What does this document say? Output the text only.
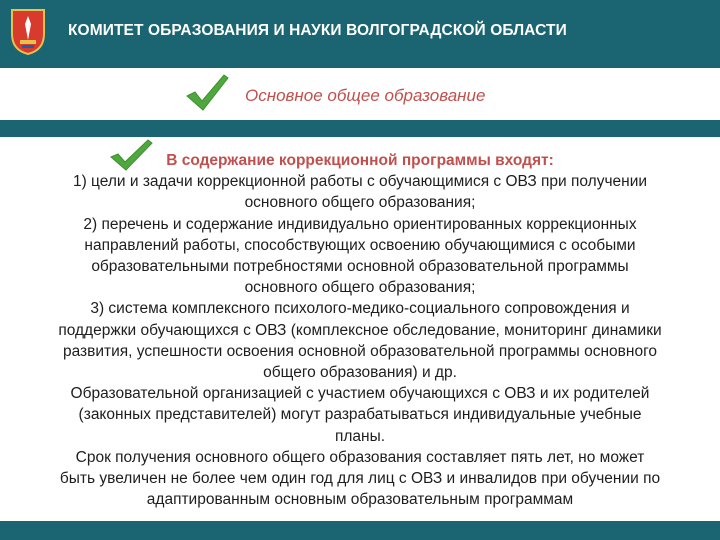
КОМИТЕТ ОБРАЗОВАНИЯ И НАУКИ ВОЛГОГРАДСКОЙ ОБЛАСТИ
Основное общее образование
В содержание коррекционной программы входят:
1) цели и задачи коррекционной работы с обучающимися с ОВЗ при получении
основного общего образования;
2) перечень и содержание индивидуально ориентированных коррекционных
направлений работы, способствующих освоению обучающимися с особыми
образовательными потребностями основной образовательной программы
основного общего образования;
3) система комплексного психолого-медико-социального сопровождения и
поддержки обучающихся с ОВЗ (комплексное обследование, мониторинг динамики
развития, успешности освоения основной образовательной программы основного
общего образования) и др.
Образовательной организацией с участием обучающихся с ОВЗ и их родителей
(законных представителей) могут разрабатываться индивидуальные учебные
планы.
Срок получения основного общего образования составляет пять лет, но может
быть увеличен не более чем один год для лиц с ОВЗ и инвалидов при обучении по
адаптированным основным образовательным программам
